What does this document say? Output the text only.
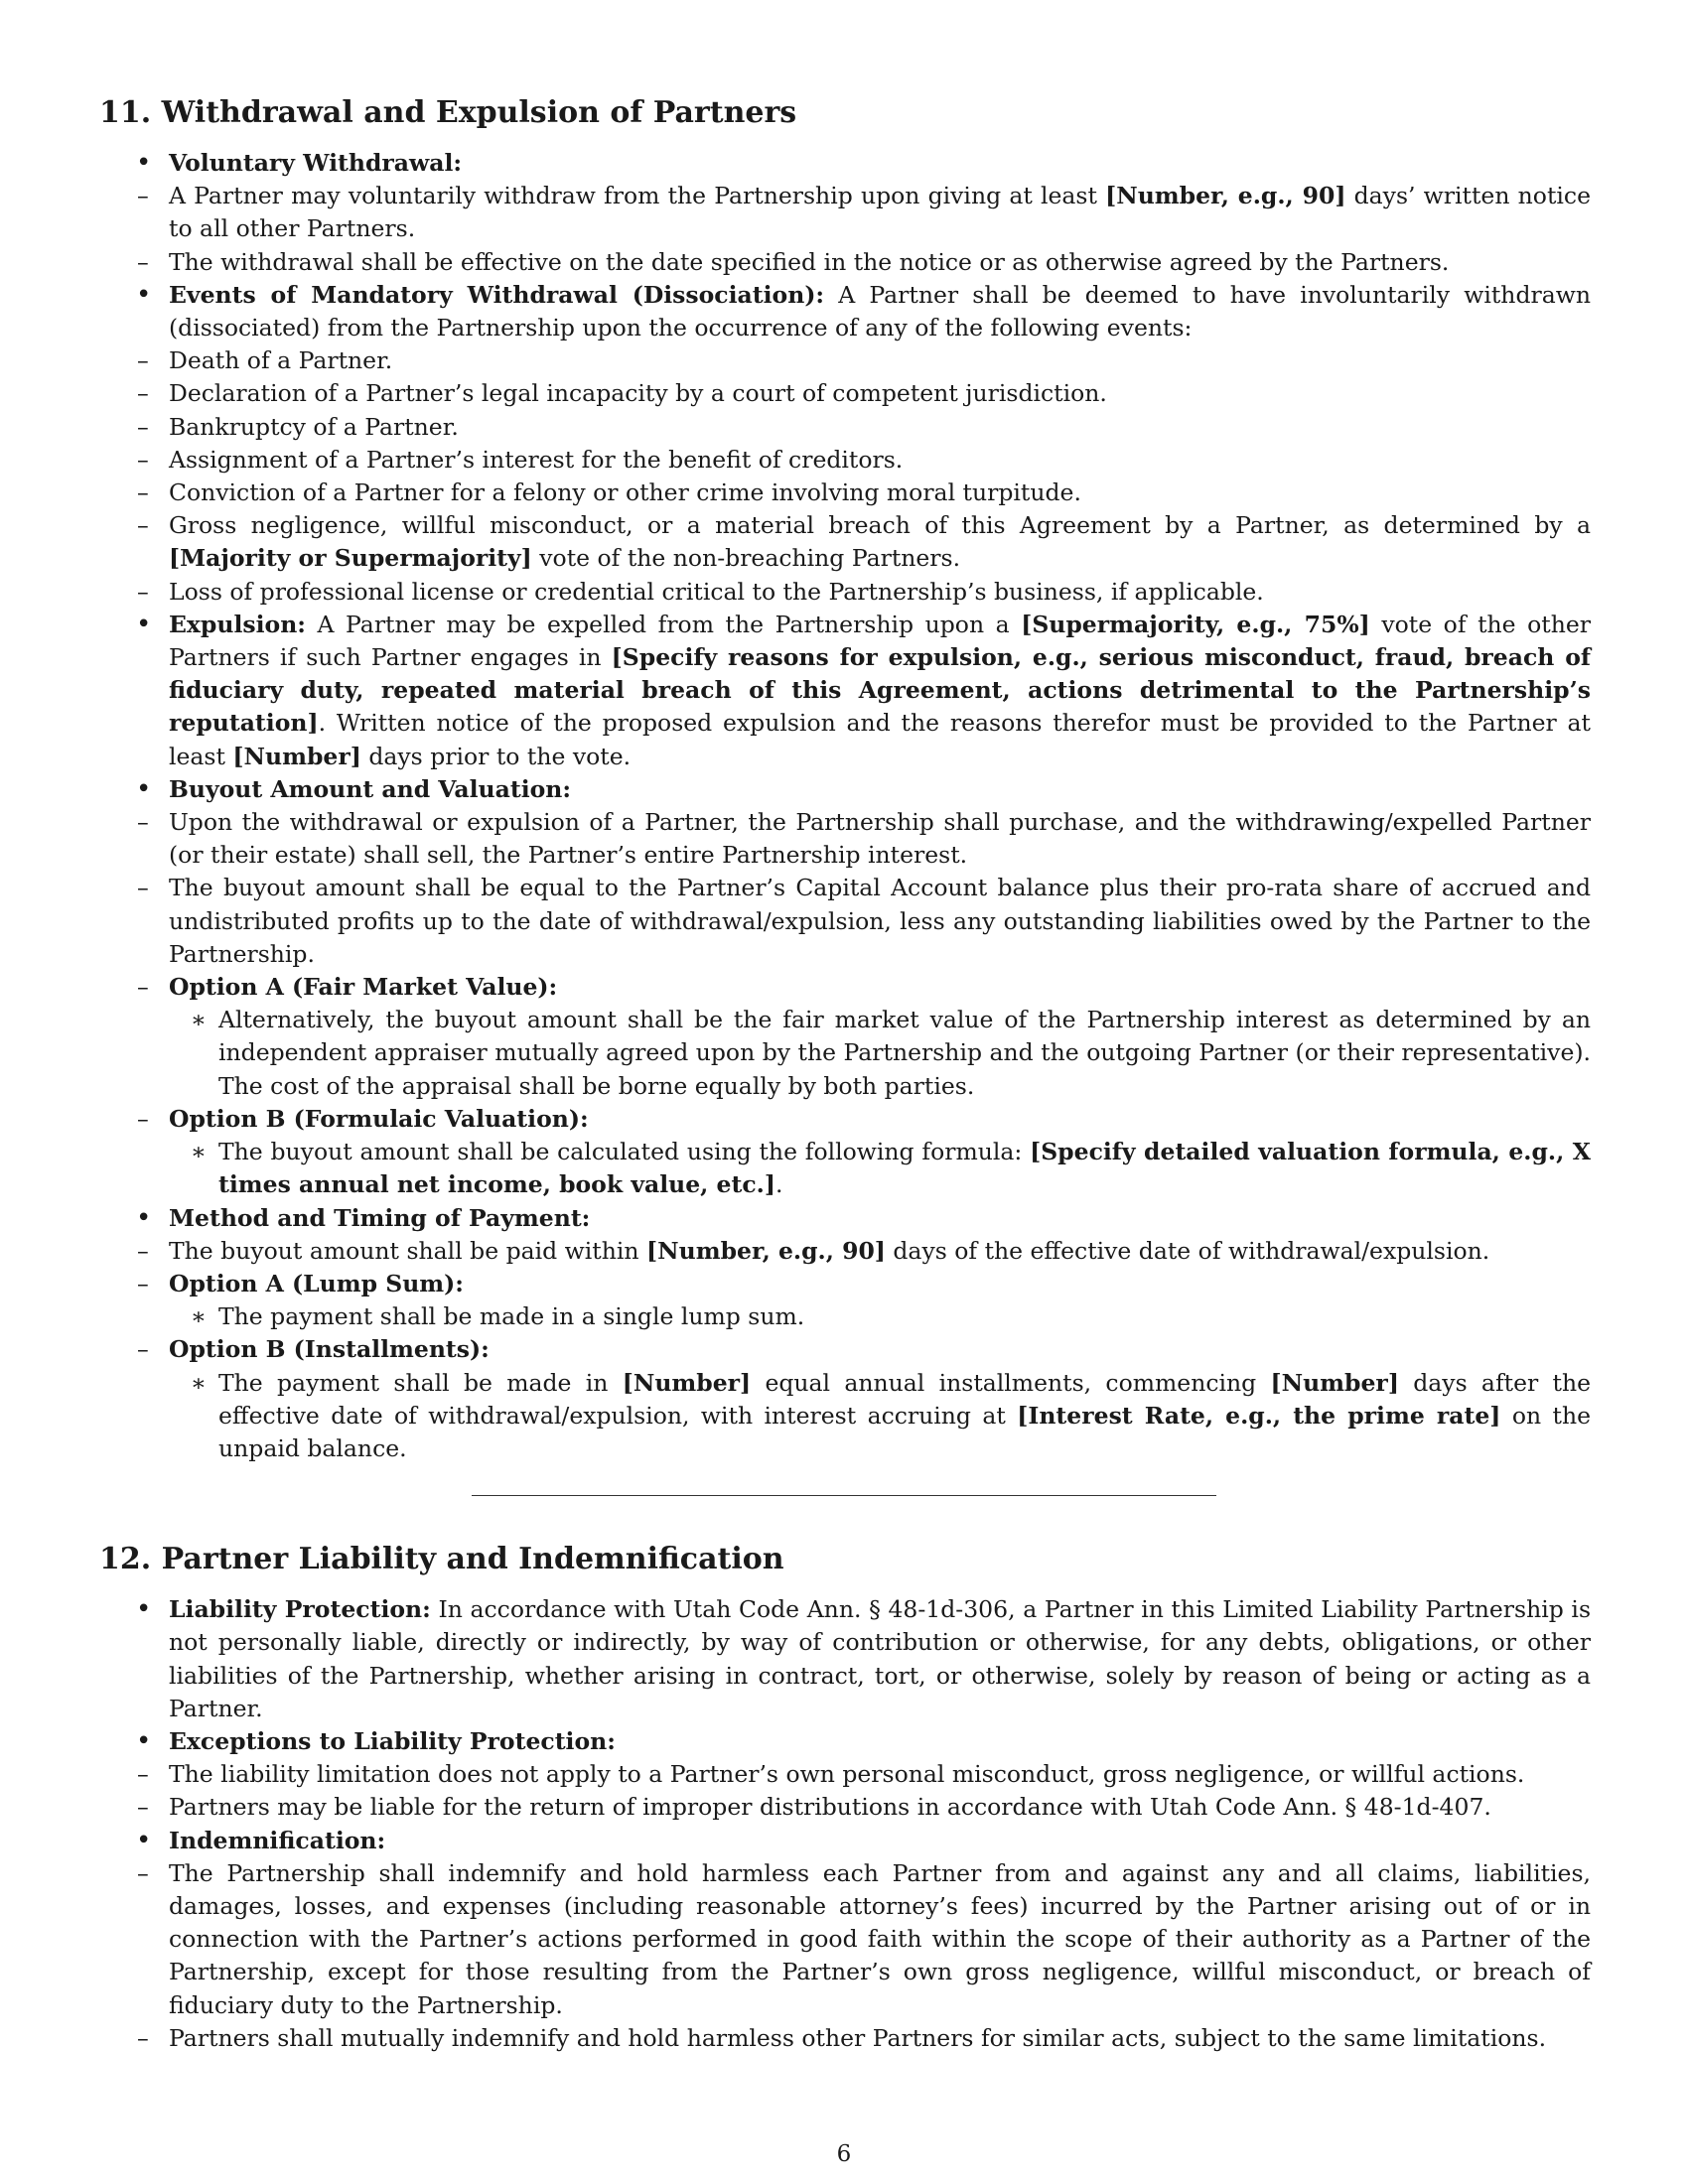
11. Withdrawal and Expulsion of Partners
• Voluntary Withdrawal:
– A Partner may voluntarily withdraw from the Partnership upon giving at least [Number, e.g., 90] days’ written notice to all other Partners.
– The withdrawal shall be effective on the date specified in the notice or as otherwise agreed by the Partners.
• Events of Mandatory Withdrawal (Dissociation): A Partner shall be deemed to have involuntarily withdrawn (dissociated) from the Partnership upon the occurrence of any of the following events:
– Death of a Partner.
– Declaration of a Partner’s legal incapacity by a court of competent jurisdiction.
– Bankruptcy of a Partner.
– Assignment of a Partner’s interest for the benefit of creditors.
– Conviction of a Partner for a felony or other crime involving moral turpitude.
– Gross negligence, willful misconduct, or a material breach of this Agreement by a Partner, as determined by a [Majority or Supermajority] vote of the non-breaching Partners.
– Loss of professional license or credential critical to the Partnership’s business, if applicable.
• Expulsion: A Partner may be expelled from the Partnership upon a [Supermajority, e.g., 75%] vote of the other Partners if such Partner engages in [Specify reasons for expulsion, e.g., serious misconduct, fraud, breach of fiduciary duty, repeated material breach of this Agreement, actions detrimental to the Partnership’s reputation]. Written notice of the proposed expulsion and the reasons therefor must be provided to the Partner at least [Number] days prior to the vote.
• Buyout Amount and Valuation:
– Upon the withdrawal or expulsion of a Partner, the Partnership shall purchase, and the withdrawing/expelled Partner (or their estate) shall sell, the Partner’s entire Partnership interest.
– The buyout amount shall be equal to the Partner’s Capital Account balance plus their pro-rata share of accrued and undistributed profits up to the date of withdrawal/expulsion, less any outstanding liabilities owed by the Partner to the Partnership.
– Option A (Fair Market Value):
∗ Alternatively, the buyout amount shall be the fair market value of the Partnership interest as determined by an independent appraiser mutually agreed upon by the Partnership and the outgoing Partner (or their representative). The cost of the appraisal shall be borne equally by both parties.
– Option B (Formulaic Valuation):
∗ The buyout amount shall be calculated using the following formula: [Specify detailed valuation formula, e.g., X times annual net income, book value, etc.].
• Method and Timing of Payment:
– The buyout amount shall be paid within [Number, e.g., 90] days of the effective date of withdrawal/expulsion.
– Option A (Lump Sum):
∗ The payment shall be made in a single lump sum.
– Option B (Installments):
∗ The payment shall be made in [Number] equal annual installments, commencing [Number] days after the effective date of withdrawal/expulsion, with interest accruing at [Interest Rate, e.g., the prime rate] on the unpaid balance.
12. Partner Liability and Indemnification
• Liability Protection: In accordance with Utah Code Ann. § 48-1d-306, a Partner in this Limited Liability Partnership is not personally liable, directly or indirectly, by way of contribution or otherwise, for any debts, obligations, or other liabilities of the Partnership, whether arising in contract, tort, or otherwise, solely by reason of being or acting as a Partner.
• Exceptions to Liability Protection:
– The liability limitation does not apply to a Partner’s own personal misconduct, gross negligence, or willful actions.
– Partners may be liable for the return of improper distributions in accordance with Utah Code Ann. § 48-1d-407.
• Indemnification:
– The Partnership shall indemnify and hold harmless each Partner from and against any and all claims, liabilities, damages, losses, and expenses (including reasonable attorney’s fees) incurred by the Partner arising out of or in connection with the Partner’s actions performed in good faith within the scope of their authority as a Partner of the Partnership, except for those resulting from the Partner’s own gross negligence, willful misconduct, or breach of fiduciary duty to the Partnership.
– Partners shall mutually indemnify and hold harmless other Partners for similar acts, subject to the same limitations.
6
